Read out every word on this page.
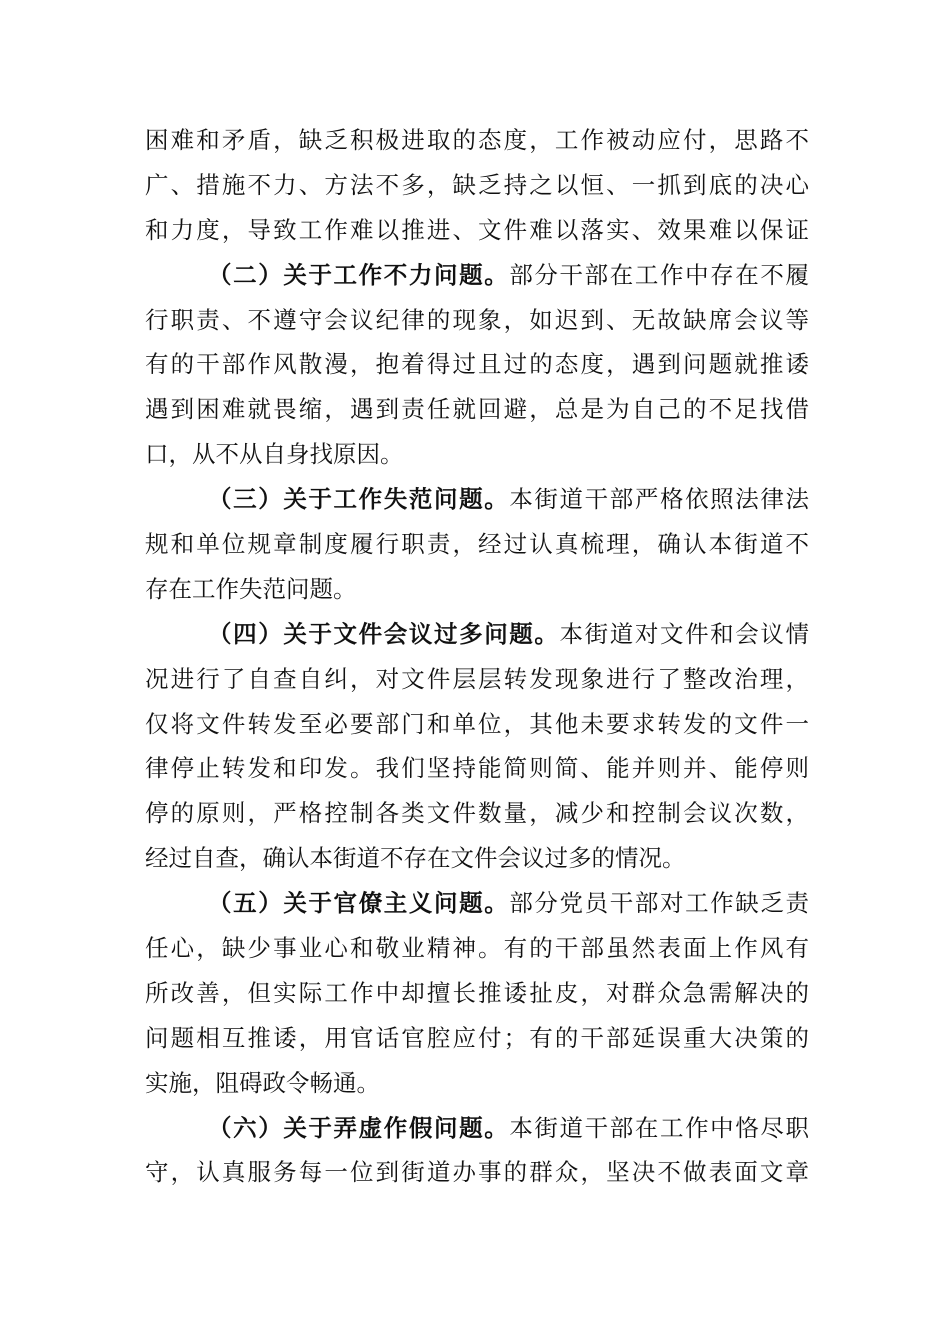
困难和矛盾，缺乏积极进取的态度，工作被动应付，思路不
广、措施不力、方法不多，缺乏持之以恒、一抓到底的决心
和力度，导致工作难以推进、文件难以落实、效果难以保证
（二）关于工作不力问题。部分干部在工作中存在不履
行职责、不遵守会议纪律的现象，如迟到、无故缺席会议等
有的干部作风散漫，抱着得过且过的态度，遇到问题就推诿
遇到困难就畏缩，遇到责任就回避，总是为自己的不足找借
口，从不从自身找原因。
（三）关于工作失范问题。本街道干部严格依照法律法
规和单位规章制度履行职责，经过认真梳理，确认本街道不
存在工作失范问题。
（四）关于文件会议过多问题。本街道对文件和会议情
况进行了自查自纠，对文件层层转发现象进行了整改治理，
仅将文件转发至必要部门和单位，其他未要求转发的文件一
律停止转发和印发。我们坚持能简则简、能并则并、能停则
停的原则，严格控制各类文件数量，减少和控制会议次数，
经过自查，确认本街道不存在文件会议过多的情况。
（五）关于官僚主义问题。部分党员干部对工作缺乏责
任心，缺少事业心和敬业精神。有的干部虽然表面上作风有
所改善，但实际工作中却擅长推诿扯皮，对群众急需解决的
问题相互推诿，用官话官腔应付；有的干部延误重大决策的
实施，阻碍政令畅通。
（六）关于弄虚作假问题。本街道干部在工作中恪尽职
守，认真服务每一位到街道办事的群众，坚决不做表面文章
